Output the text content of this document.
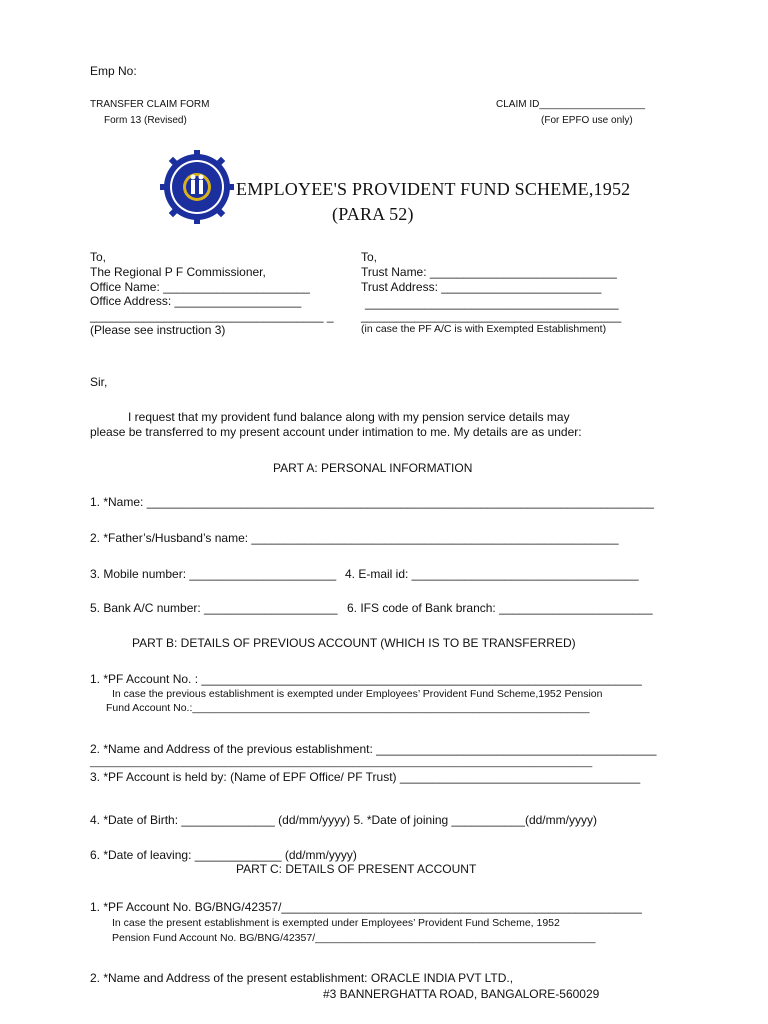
Emp No:
TRANSFER CLAIM FORM
Form 13 (Revised)
CLAIM ID___________________
(For EPFO use only)
EMPLOYEE'S PROVIDENT FUND SCHEME,1952
(PARA 52)
To,
The Regional P F Commissioner,
Office Name: ______________________
Office Address: ___________________
___________________________________ _
(Please see instruction 3)
To,
Trust Name: ____________________________
Trust Address: ________________________
______________________________________
_______________________________________
(in case the PF A/C is with Exempted Establishment)
Sir,
I request that my provident fund balance along with my pension service details may
please be transferred to my present account under intimation to me. My details are as under:
PART A: PERSONAL INFORMATION
1. *Name: ____________________________________________________________________________
2. *Father’s/Husband’s name: _______________________________________________________
3. Mobile number: ______________________ 4. E-mail id: __________________________________
5. Bank A/C number: ____________________ 6. IFS code of Bank branch: _______________________
PART B: DETAILS OF PREVIOUS ACCOUNT (WHICH IS TO BE TRANSFERRED)
1. *PF Account No. : __________________________________________________________________
In case the previous establishment is exempted under Employees’ Provident Fund Scheme,1952 Pension
Fund Account No.:____________________________________________________________________
2. *Name and Address of the previous establishment: __________________________________________
______________________________________________________________________________________
3. *PF Account is held by: (Name of EPF Office/ PF Trust) ____________________________________
4. *Date of Birth: ______________ (dd/mm/yyyy) 5. *Date of joining ___________(dd/mm/yyyy)
6. *Date of leaving: _____________ (dd/mm/yyyy)
PART C: DETAILS OF PRESENT ACCOUNT
1. *PF Account No. BG/BNG/42357/______________________________________________________
In case the present establishment is exempted under Employees’ Provident Fund Scheme, 1952
Pension Fund Account No. BG/BNG/42357/________________________________________________
2. *Name and Address of the present establishment: ORACLE INDIA PVT LTD.,
#3 BANNERGHATTA ROAD, BANGALORE-560029
